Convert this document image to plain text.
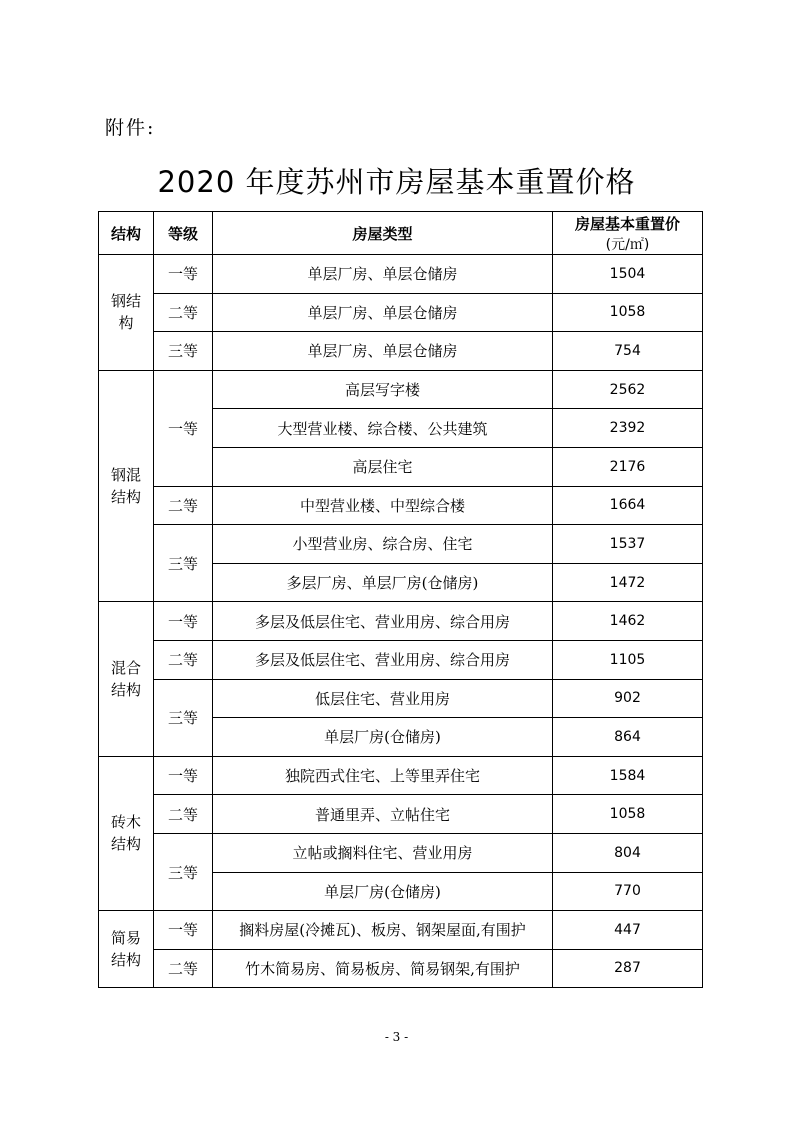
附件:
2020 年度苏州市房屋基本重置价格
结构	等级	房屋类型	房屋基本重置价
(元/㎡)

钢结
构	一等	单层厂房、单层仓储房	1504
	二等	单层厂房、单层仓储房	1058
	三等	单层厂房、单层仓储房	754
钢混
结构	一等	高层写字楼	2562
		大型营业楼、综合楼、公共建筑	2392
		高层住宅	2176
	二等	中型营业楼、中型综合楼	1664
	三等	小型营业房、综合房、住宅	1537
		多层厂房、单层厂房(仓储房)	1472
混合
结构	一等	多层及低层住宅、营业用房、综合用房	1462
	二等	多层及低层住宅、营业用房、综合用房	1105
	三等	低层住宅、营业用房	902
		单层厂房(仓储房)	864
砖木
结构	一等	独院西式住宅、上等里弄住宅	1584
	二等	普通里弄、立帖住宅	1058
	三等	立帖或搁料住宅、营业用房	804
		单层厂房(仓储房)	770
简易
结构	一等	搁料房屋(冷摊瓦)、板房、钢架屋面,有围护	447
	二等	竹木简易房、简易板房、简易钢架,有围护	287
- 3 -
